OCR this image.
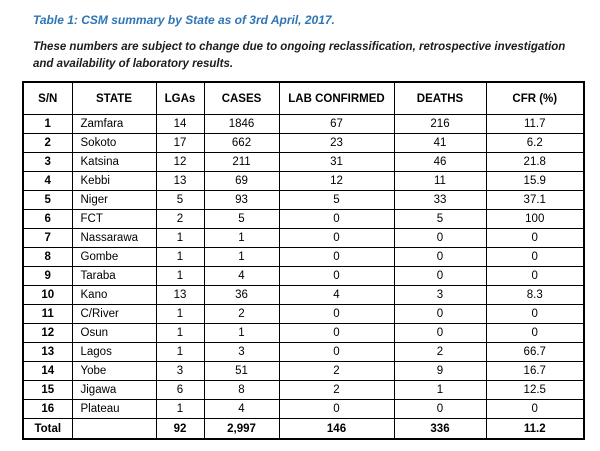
Table 1: CSM summary by State as of 3rd April, 2017.
These numbers are subject to change due to ongoing reclassification, retrospective investigation and availability of laboratory results.
S/N	STATE	LGAs	CASES	LAB CONFIRMED	DEATHS	CFR (%)
1	Zamfara	14	1846	67	216	11.7
2	Sokoto	17	662	23	41	6.2
3	Katsina	12	211	31	46	21.8
4	Kebbi	13	69	12	11	15.9
5	Niger	5	93	5	33	37.1
6	FCT	2	5	0	5	100
7	Nassarawa	1	1	0	0	0
8	Gombe	1	1	0	0	0
9	Taraba	1	4	0	0	0
10	Kano	13	36	4	3	8.3
11	C/River	1	2	0	0	0
12	Osun	1	1	0	0	0
13	Lagos	1	3	0	2	66.7
14	Yobe	3	51	2	9	16.7
15	Jigawa	6	8	2	1	12.5
16	Plateau	1	4	0	0	0
Total		92	2,997	146	336	11.2
